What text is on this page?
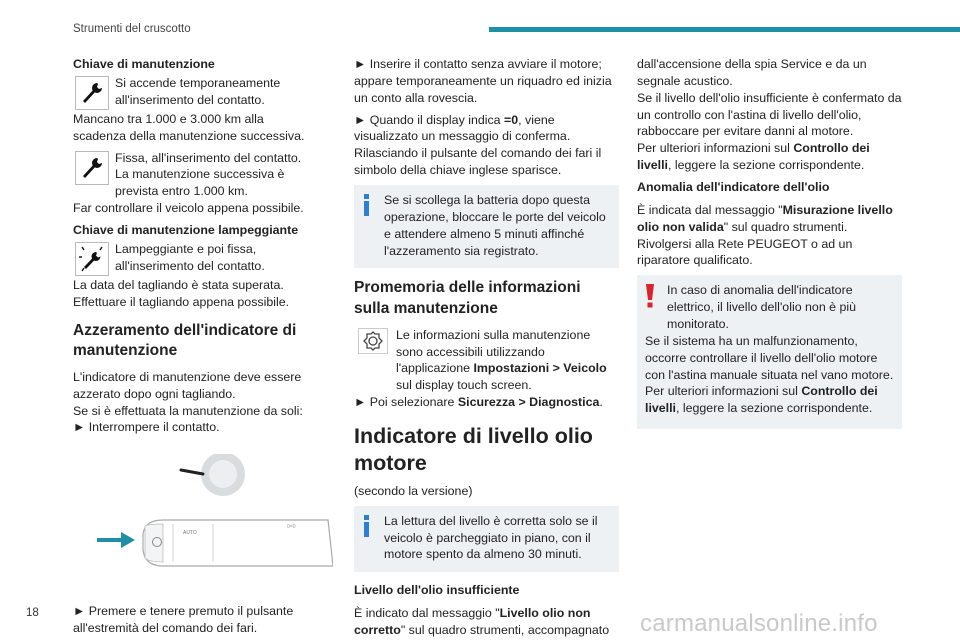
Strumenti del cruscotto

Chiave di manutenzione

Si accende temporaneamente all'inserimento del contatto.

Mancano tra 1.000 e 3.000 km alla scadenza della manutenzione successiva.

Fissa, all'inserimento del contatto.
La manutenzione successiva è prevista entro 1.000 km.

Far controllare il veicolo appena possibile.

Chiave di manutenzione lampeggiante

Lampeggiante e poi fissa, all'inserimento del contatto.
La data del tagliando è stata superata.

Effettuare il tagliando appena possibile.

Azzeramento dell'indicatore di manutenzione
L'indicatore di manutenzione deve essere azzerato dopo ogni tagliando.
Se si è effettuata la manutenzione da soli:
► Interrompere il contatto.
AUTO
0=0
► Premere e tenere premuto il pulsante all'estremità del comando dei fari.

► Inserire il contatto senza avviare il motore; appare temporaneamente un riquadro ed inizia un conto alla rovescia.

► Quando il display indica =0, viene visualizzato un messaggio di conferma.
Rilasciando il pulsante del comando dei fari il simbolo della chiave inglese sparisce.

Se si scollega la batteria dopo questa operazione, bloccare le porte del veicolo e attendere almeno 5 minuti affinché l'azzeramento sia registrato.
Promemoria delle informazioni sulla manutenzione
Le informazioni sulla manutenzione sono accessibili utilizzando l'applicazione Impostazioni > Veicolo sul display touch screen.

► Poi selezionare Sicurezza > Diagnostica.

Indicatore di livello olio motore

(secondo la versione)

La lettura del livello è corretta solo se il veicolo è parcheggiato in piano, con il motore spento da almeno 30 minuti.

Livello dell'olio insufficiente

È indicato dal messaggio "Livello olio non corretto" sul quadro strumenti, accompagnato

dall'accensione della spia Service e da un segnale acustico.
Se il livello dell'olio insufficiente è confermato da un controllo con l'astina di livello dell'olio, rabboccare per evitare danni al motore.

Per ulteriori informazioni sul Controllo dei livelli, leggere la sezione corrispondente.

Anomalia dell'indicatore dell'olio

È indicata dal messaggio "Misurazione livello olio non valida" sul quadro strumenti.

Rivolgersi alla Rete PEUGEOT o ad un riparatore qualificato.

In caso di anomalia dell'indicatore elettrico, il livello dell'olio non è più monitorato.
Se il sistema ha un malfunzionamento, occorre controllare il livello dell'olio motore con l'astina manuale situata nel vano motore.
Per ulteriori informazioni sul Controllo dei livelli, leggere la sezione corrispondente.
18	carmanualsonline.info
